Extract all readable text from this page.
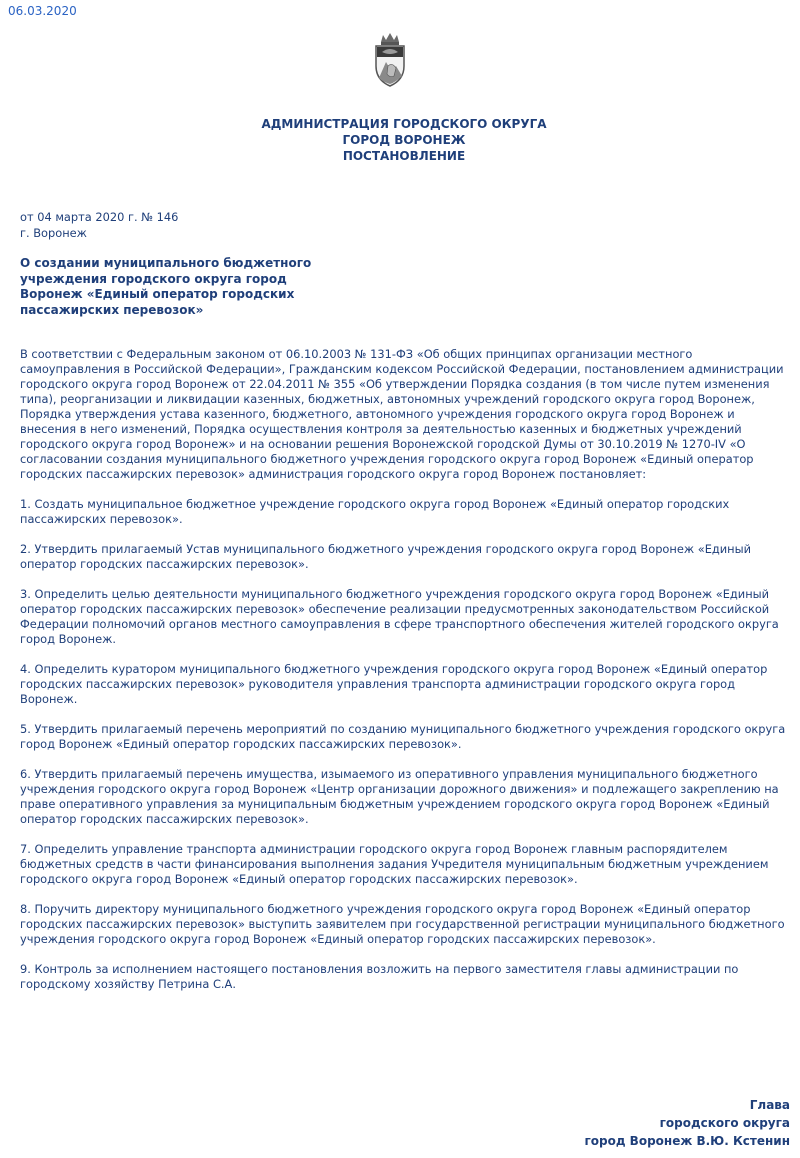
06.03.2020
АДМИНИСТРАЦИЯ ГОРОДСКОГО ОКРУГА
ГОРОД ВОРОНЕЖ
ПОСТАНОВЛЕНИЕ
от 04 марта 2020 г. № 146
г. Воронеж
О создании муниципального бюджетного учреждения городского округа город Воронеж «Единый оператор городских пассажирских перевозок»

В соответствии с Федеральным законом от 06.10.2003 № 131-ФЗ «Об общих принципах организации местного самоуправления в Российской Федерации», Гражданским кодексом Российской Федерации, постановлением администрации городского округа город Воронеж от 22.04.2011 № 355 «Об утверждении Порядка создания (в том числе путем изменения типа), реорганизации и ликвидации казенных, бюджетных, автономных учреждений городского округа город Воронеж, Порядка утверждения устава казенного, бюджетного, автономного учреждения городского округа город Воронеж и внесения в него изменений, Порядка осуществления контроля за деятельностью казенных и бюджетных учреждений городского округа город Воронеж» и на основании решения Воронежской городской Думы от 30.10.2019 № 1270-IV «О согласовании создания муниципального бюджетного учреждения городского округа город Воронеж «Единый оператор городских пассажирских перевозок» администрация городского округа город Воронеж постановляет:

1. Создать муниципальное бюджетное учреждение городского округа город Воронеж «Единый оператор городских пассажирских перевозок».

2. Утвердить прилагаемый Устав муниципального бюджетного учреждения городского округа город Воронеж «Единый оператор городских пассажирских перевозок».

3. Определить целью деятельности муниципального бюджетного учреждения городского округа город Воронеж «Единый оператор городских пассажирских перевозок» обеспечение реализации предусмотренных законодательством Российской Федерации полномочий органов местного самоуправления в сфере транспортного обеспечения жителей городского округа город Воронеж.

4. Определить куратором муниципального бюджетного учреждения городского округа город Воронеж «Единый оператор городских пассажирских перевозок» руководителя управления транспорта администрации городского округа город Воронеж.

5. Утвердить прилагаемый перечень мероприятий по созданию муниципального бюджетного учреждения городского округа город Воронеж «Единый оператор городских пассажирских перевозок».

6. Утвердить прилагаемый перечень имущества, изымаемого из оперативного управления муниципального бюджетного учреждения городского округа город Воронеж «Центр организации дорожного движения» и подлежащего закреплению на праве оперативного управления за муниципальным бюджетным учреждением городского округа город Воронеж «Единый оператор городских пассажирских перевозок».

7. Определить управление транспорта администрации городского округа город Воронеж главным распорядителем бюджетных средств в части финансирования выполнения задания Учредителя муниципальным бюджетным учреждением городского округа город Воронеж «Единый оператор городских пассажирских перевозок».

8. Поручить директору муниципального бюджетного учреждения городского округа город Воронеж «Единый оператор городских пассажирских перевозок» выступить заявителем при государственной регистрации муниципального бюджетного учреждения городского округа город Воронеж «Единый оператор городских пассажирских перевозок».

9. Контроль за исполнением настоящего постановления возложить на первого заместителя главы администрации по городскому хозяйству Петрина С.А.

Глава
городского округа
город Воронеж В.Ю. Кстенин
